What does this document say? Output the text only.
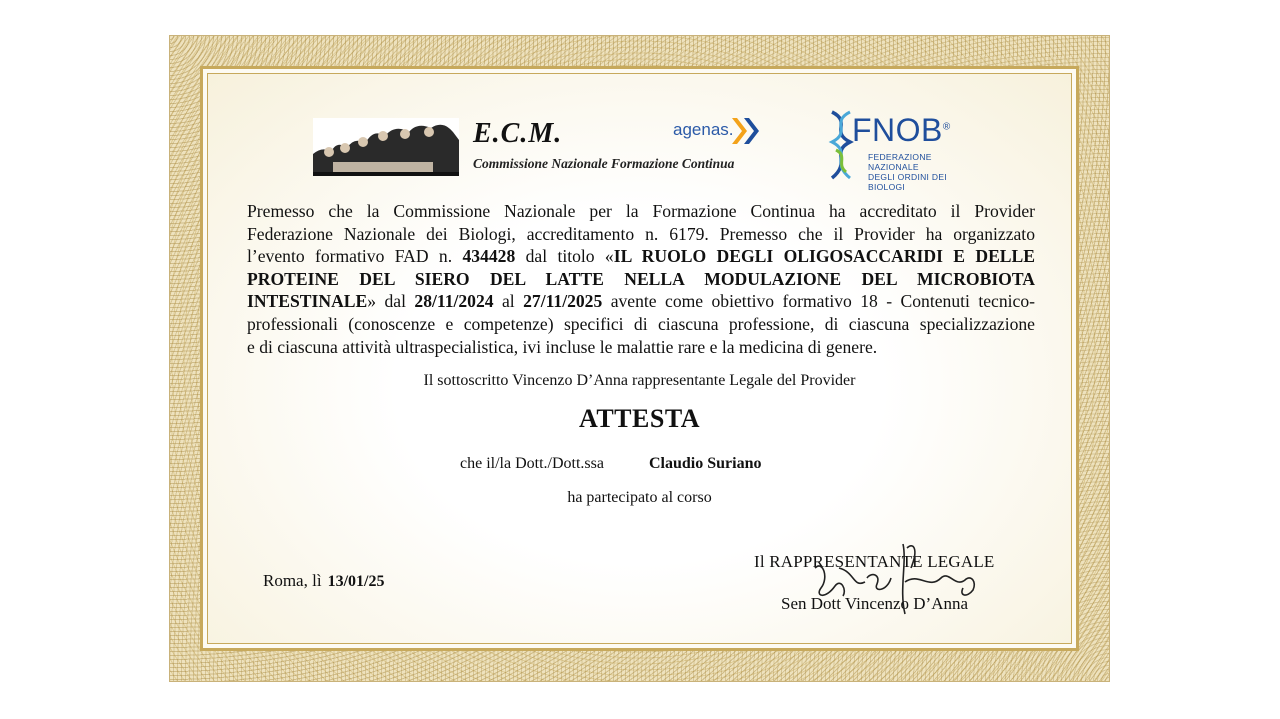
E.C.M.
Commissione Nazionale Formazione Continua
agenas.	FNOB®
FEDERAZIONE NAZIONALE
DEGLI ORDINI DEI BIOLOGI
Premesso che la Commissione Nazionale per la Formazione Continua ha accreditato il Provider
Federazione Nazionale dei Biologi, accreditamento n. 6179. Premesso che il Provider ha organizzato
l’evento formativo FAD n. 434428 dal titolo «IL RUOLO DEGLI OLIGOSACCARIDI E DELLE
PROTEINE DEL SIERO DEL LATTE NELLA MODULAZIONE DEL MICROBIOTA
INTESTINALE» dal 28/11/2024 al 27/11/2025 avente come obiettivo formativo 18 - Contenuti tecnico-
professionali (conoscenze e competenze) specifici di ciascuna professione, di ciascuna specializzazione
e di ciascuna attività ultraspecialistica, ivi incluse le malattie rare e la medicina di genere.
Il sottoscritto Vincenzo D’Anna rappresentante Legale del Provider
ATTESTA
che il/la Dott./Dott.ssa	Claudio Suriano
ha partecipato al corso
Roma, lì 13/01/25
Il RAPPRESENTANTE LEGALE
Sen Dott Vincenzo D’Anna
